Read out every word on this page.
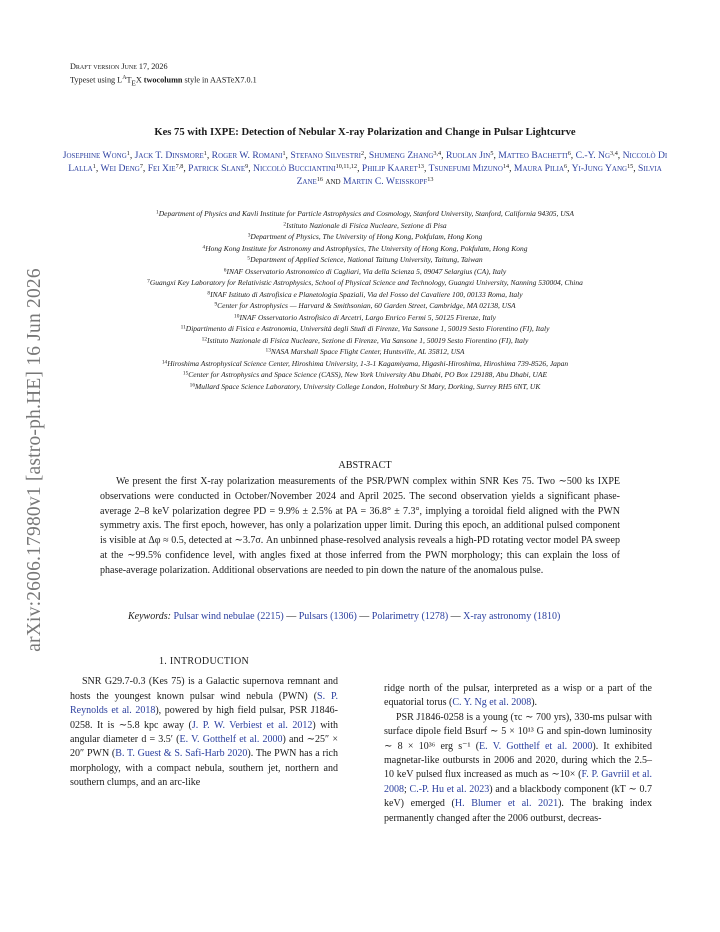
arXiv:2606.17980v1 [astro-ph.HE] 16 Jun 2026
Draft version June 17, 2026
Typeset using $L^AT_EX$ twocolumn style in AASTeX7.0.1
Kes 75 with IXPE: Detection of Nebular X-ray Polarization and Change in Pulsar Lightcurve
Josephine Wong$^1$, Jack T. Dinsmore$^1$, Roger W. Romani$^1$, Stefano Silvestri$^2$, Shumeng Zhang$^{3,4}$, Ruolan Jin$^5$, Matteo Bachetti$^6$, C.-Y. Ng$^{3,4}$, Niccolò Di Lalla$^1$, Wei Deng$^7$, Fei Xie$^{7,8}$, Patrick Slane$^9$, Niccolò Bucciantini$^{10,11,12}$, Philip Kaaret$^{13}$, Tsunefumi Mizuno$^{14}$, Maura Pilia$^6$, Yi-Jung Yang$^{15}$, Silvia Zane$^{16}$ and Martin C. Weisskopf$^{13}$
$^1$Department of Physics and Kavli Institute for Particle Astrophysics and Cosmology, Stanford University, Stanford, California 94305, USA
$^2$Istituto Nazionale di Fisica Nucleare, Sezione di Pisa
$^3$Department of Physics, The University of Hong Kong, Pokfulam, Hong Kong
$^4$Hong Kong Institute for Astronomy and Astrophysics, The University of Hong Kong, Pokfulam, Hong Kong
$^5$Department of Applied Science, National Taitung University, Taitung, Taiwan
$^6$INAF Osservatorio Astronomico di Cagliari, Via della Scienza 5, 09047 Selargius (CA), Italy
$^7$Guangxi Key Laboratory for Relativistic Astrophysics, School of Physical Science and Technology, Guangxi University, Nanning 530004, China
$^8$INAF Istituto di Astrofisica e Planetologia Spaziali, Via del Fosso del Cavaliere 100, 00133 Roma, Italy
$^9$Center for Astrophysics — Harvard & Smithsonian, 60 Garden Street, Cambridge, MA 02138, USA
$^{10}$INAF Osservatorio Astrofisico di Arcetri, Largo Enrico Fermi 5, 50125 Firenze, Italy
$^{11}$Dipartimento di Fisica e Astronomia, Università degli Studi di Firenze, Via Sansone 1, 50019 Sesto Fiorentino (FI), Italy
$^{12}$Istituto Nazionale di Fisica Nucleare, Sezione di Firenze, Via Sansone 1, 50019 Sesto Fiorentino (FI), Italy
$^{13}$NASA Marshall Space Flight Center, Huntsville, AL 35812, USA
$^{14}$Hiroshima Astrophysical Science Center, Hiroshima University, 1-3-1 Kagamiyama, Higashi-Hiroshima, Hiroshima 739-8526, Japan
$^{15}$Center for Astrophysics and Space Science (CASS), New York University Abu Dhabi, PO Box 129188, Abu Dhabi, UAE
$^{16}$Mullard Space Science Laboratory, University College London, Holmbury St Mary, Dorking, Surrey RH5 6NT, UK
ABSTRACT
We present the first X-ray polarization measurements of the PSR/PWN complex within SNR Kes 75. Two ∼500 ks IXPE observations were conducted in October/November 2024 and April 2025. The second observation yields a significant phase-average 2–8 keV polarization degree PD = 9.9% ± 2.5% at PA = 36.8° ± 7.3°, implying a toroidal field aligned with the PWN symmetry axis. The first epoch, however, has only a polarization upper limit. During this epoch, an additional pulsed component is visible at Δφ ≈ 0.5, detected at ∼3.7σ. An unbinned phase-resolved analysis reveals a high-PD rotating vector model PA sweep at the ∼99.5% confidence level, with angles fixed at those inferred from the PWN morphology; this can explain the loss of phase-average polarization. Additional observations are needed to pin down the nature of the anomalous pulse.
Keywords: Pulsar wind nebulae (2215) — Pulsars (1306) — Polarimetry (1278) — X-ray astronomy (1810)
1. INTRODUCTION

SNR G29.7-0.3 (Kes 75) is a Galactic supernova remnant and hosts the youngest known pulsar wind nebula (PWN) (S. P. Reynolds et al. 2018), powered by high field pulsar, PSR J1846-0258. It is ∼5.8 kpc away (J. P. W. Verbiest et al. 2012) with angular diameter d = 3.5′ (E. V. Gotthelf et al. 2000) and ∼25″ × 20″ PWN (B. T. Guest & S. Safi-Harb 2020). The PWN has a rich morphology, with a compact nebula, southern jet, northern and southern clumps, and an arc-like

ridge north of the pulsar, interpreted as a wisp or a part of the equatorial torus (C. Y. Ng et al. 2008).

PSR J1846-0258 is a young (τc ∼ 700 yrs), 330-ms pulsar with surface dipole field Bsurf ∼ 5 × 10¹³ G and spin-down luminosity ∼ 8 × 10³⁶ erg s⁻¹ (E. V. Gotthelf et al. 2000). It exhibited magnetar-like outbursts in 2006 and 2020, during which the 2.5–10 keV pulsed flux increased as much as ∼10× (F. P. Gavriil et al. 2008; C.-P. Hu et al. 2023) and a blackbody component (kT ∼ 0.7 keV) emerged (H. Blumer et al. 2021). The braking index permanently changed after the 2006 outburst, decreas-
